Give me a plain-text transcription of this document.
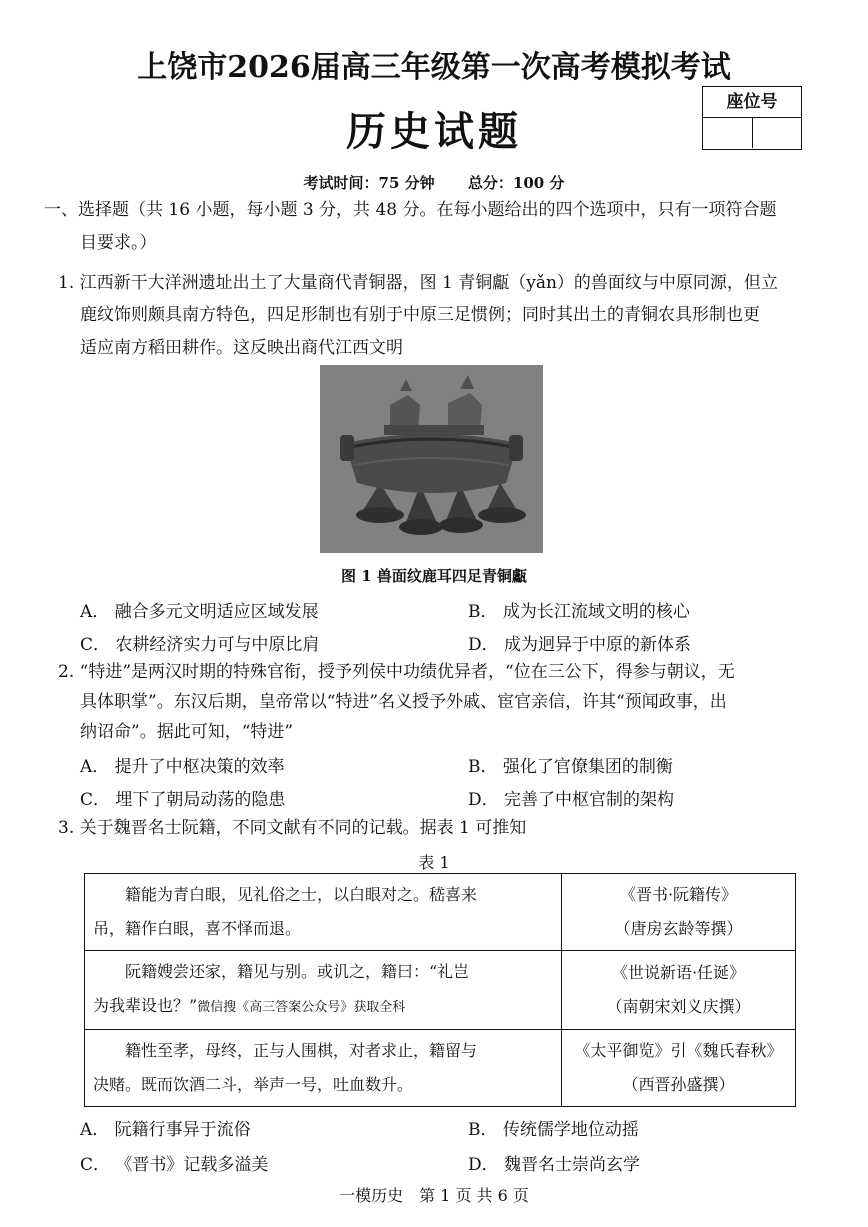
上饶市2026届高三年级第一次高考模拟考试
历史试题
座位号
考试时间：75 分钟 总分：100 分
一、选择题（共 16 小题，每小题 3 分，共 48 分。在每小题给出的四个选项中，只有一项符合题
目要求。）
1. 江西新干大洋洲遗址出土了大量商代青铜器，图 1 青铜甗（yǎn）的兽面纹与中原同源，但立
鹿纹饰则颇具南方特色，四足形制也有别于中原三足惯例；同时其出土的青铜农具形制也更
适应南方稻田耕作。这反映出商代江西文明
图 1 兽面纹鹿耳四足青铜甗
A． 融合多元文明适应区域发展	B． 成为长江流域文明的核心
C． 农耕经济实力可与中原比肩	D． 成为迥异于中原的新体系
2. “特进”是两汉时期的特殊官衔，授予列侯中功绩优异者，“位在三公下，得参与朝议，无
具体职掌”。东汉后期，皇帝常以“特进”名义授予外戚、宦官亲信，许其“预闻政事，出
纳诏命”。据此可知，“特进”
A． 提升了中枢决策的效率	B． 强化了官僚集团的制衡
C． 埋下了朝局动荡的隐患	D． 完善了中枢官制的架构
3. 关于魏晋名士阮籍，不同文献有不同的记载。据表 1 可推知
表 1
籍能为青白眼，见礼俗之士，以白眼对之。嵇喜来
吊，籍作白眼，喜不怿而退。	《晋书·阮籍传》
（唐房玄龄等撰）
阮籍嫂尝还家，籍见与别。或讥之，籍曰：“礼岂
为我辈设也？”微信搜《高三答案公众号》获取全科	《世说新语·任诞》
（南朝宋刘义庆撰）
籍性至孝，母终，正与人围棋，对者求止，籍留与
决赌。既而饮酒二斗，举声一号，吐血数升。	《太平御览》引《魏氏春秋》
（西晋孙盛撰）
A． 阮籍行事异于流俗	B． 传统儒学地位动摇
C． 《晋书》记载多溢美	D． 魏晋名士崇尚玄学
一模历史　第 1 页 共 6 页
